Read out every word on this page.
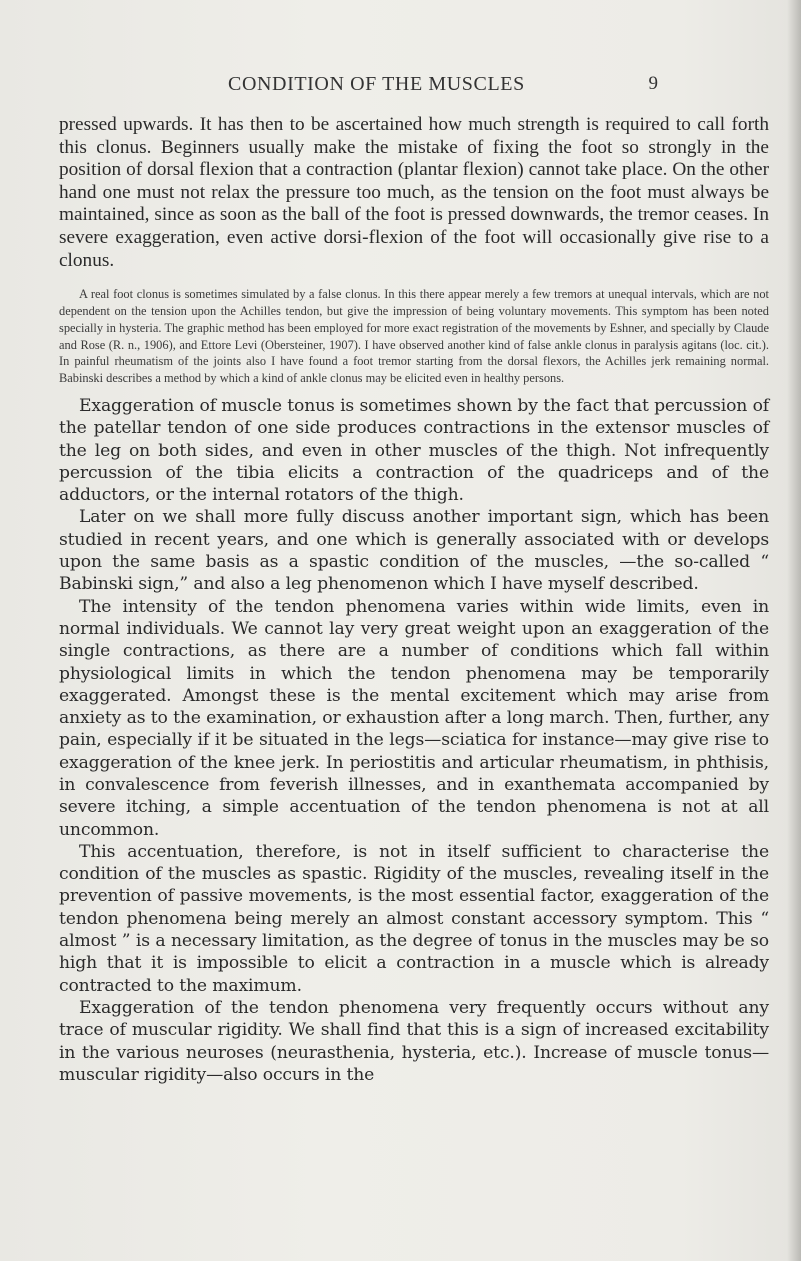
CONDITION OF THE MUSCLES	9

pressed upwards. It has then to be ascertained how much strength is required to call forth this clonus. Beginners usually make the mistake of fixing the foot so strongly in the position of dorsal flexion that a contraction (plantar flexion) cannot take place. On the other hand one must not relax the pressure too much, as the tension on the foot must always be maintained, since as soon as the ball of the foot is pressed downwards, the tremor ceases. In severe exaggeration, even active dorsi-flexion of the foot will occasionally give rise to a clonus.

A real foot clonus is sometimes simulated by a false clonus. In this there appear merely a few tremors at unequal intervals, which are not dependent on the tension upon the Achilles tendon, but give the impression of being voluntary movements. This symptom has been noted specially in hysteria. The graphic method has been employed for more exact registration of the movements by Eshner, and specially by Claude and Rose (R. n., 1906), and Ettore Levi (Obersteiner, 1907). I have observed another kind of false ankle clonus in paralysis agitans (loc. cit.). In painful rheumatism of the joints also I have found a foot tremor starting from the dorsal flexors, the Achilles jerk remaining normal. Babinski describes a method by which a kind of ankle clonus may be elicited even in healthy persons.

Exaggeration of muscle tonus is sometimes shown by the fact that percussion of the patellar tendon of one side produces contractions in the extensor muscles of the leg on both sides, and even in other muscles of the thigh. Not infrequently percussion of the tibia elicits a contraction of the quadriceps and of the adductors, or the internal rotators of the thigh.

Later on we shall more fully discuss another important sign, which has been studied in recent years, and one which is generally associated with or develops upon the same basis as a spastic condition of the muscles, —the so-called “ Babinski sign,” and also a leg phenomenon which I have myself described.

The intensity of the tendon phenomena varies within wide limits, even in normal individuals. We cannot lay very great weight upon an exaggeration of the single contractions, as there are a number of conditions which fall within physiological limits in which the tendon phenomena may be temporarily exaggerated. Amongst these is the mental excitement which may arise from anxiety as to the examination, or exhaustion after a long march. Then, further, any pain, especially if it be situated in the legs—sciatica for instance—may give rise to exaggeration of the knee jerk. In periostitis and articular rheumatism, in phthisis, in convalescence from feverish illnesses, and in exanthemata accompanied by severe itching, a simple accentuation of the tendon phenomena is not at all uncommon.

This accentuation, therefore, is not in itself sufficient to characterise the condition of the muscles as spastic. Rigidity of the muscles, revealing itself in the prevention of passive movements, is the most essential factor, exaggeration of the tendon phenomena being merely an almost constant accessory symptom. This “ almost ” is a necessary limitation, as the degree of tonus in the muscles may be so high that it is impossible to elicit a contraction in a muscle which is already contracted to the maximum.

Exaggeration of the tendon phenomena very frequently occurs without any trace of muscular rigidity. We shall find that this is a sign of increased excitability in the various neuroses (neurasthenia, hysteria, etc.). Increase of muscle tonus—muscular rigidity—also occurs in the
